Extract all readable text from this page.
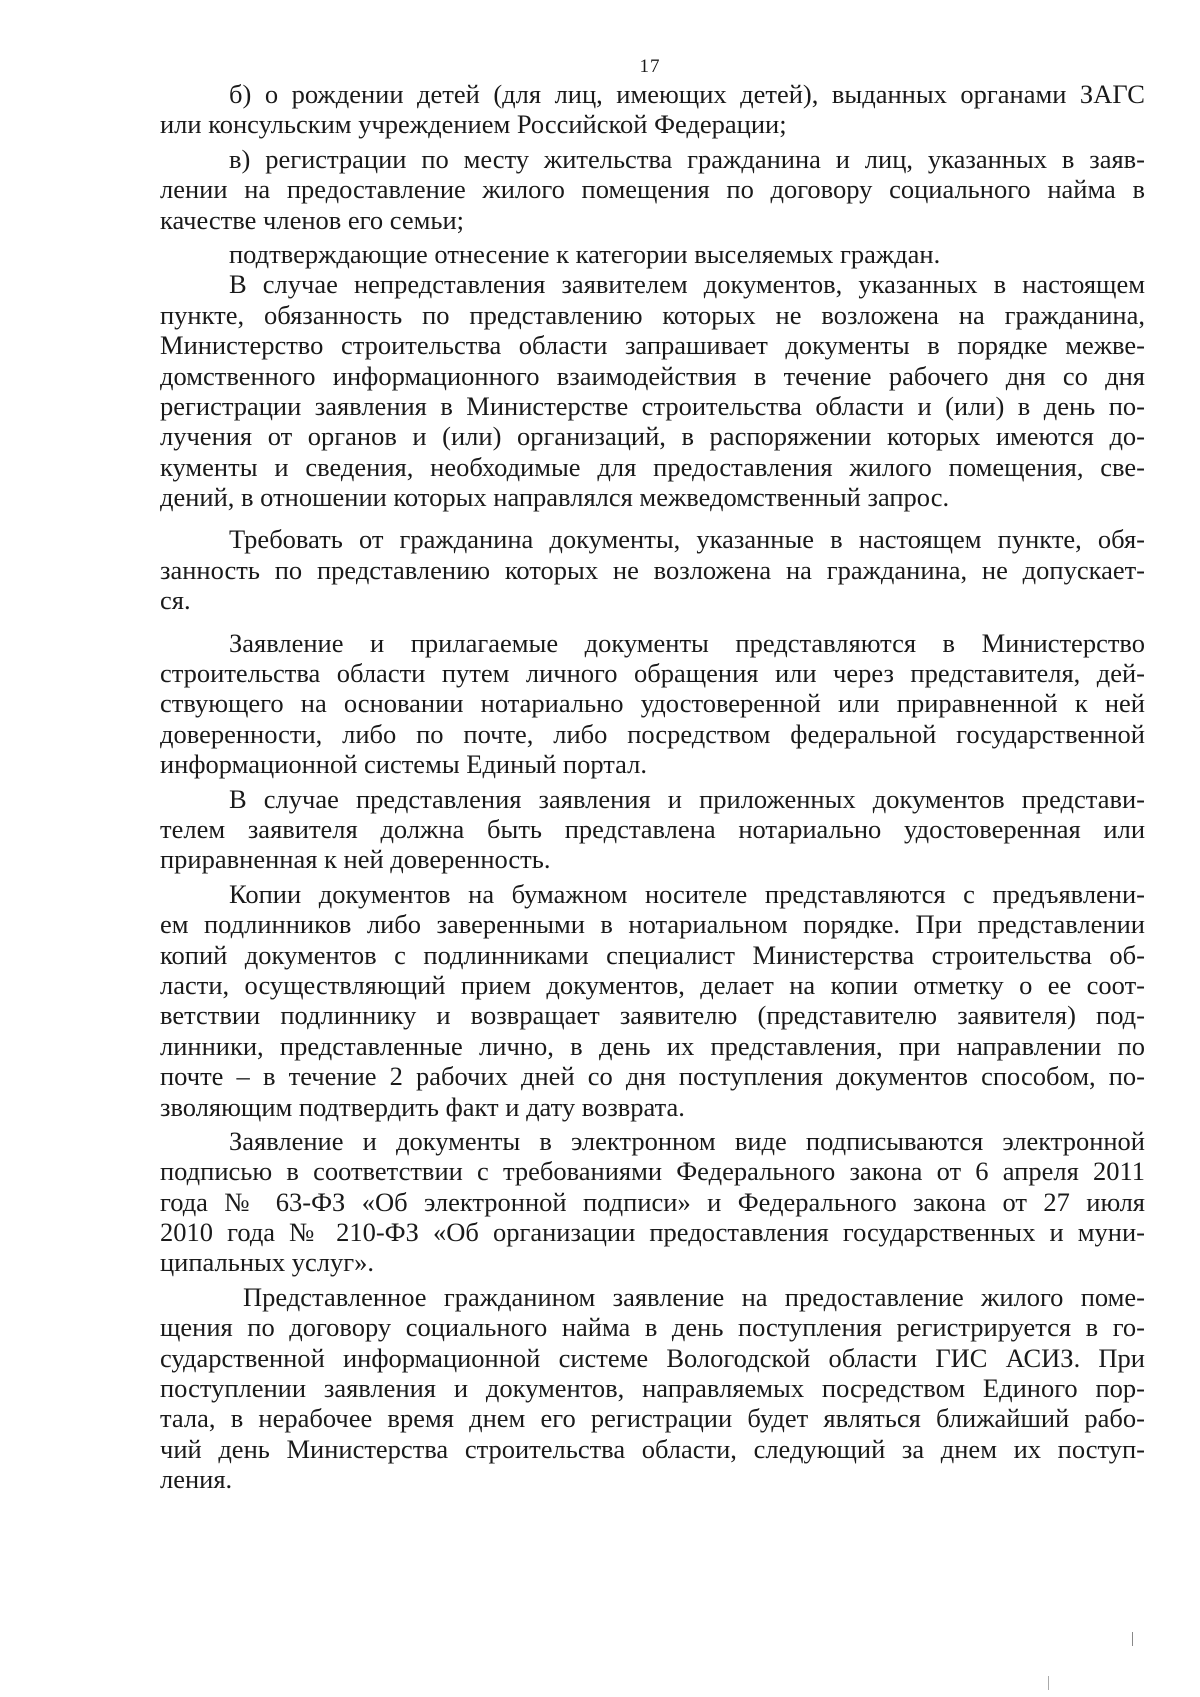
17
б) о рождении детей (для лиц, имеющих детей), выданных органами ЗАГС
или консульским учреждением Российской Федерации;
в) регистрации по месту жительства гражданина и лиц, указанных в заяв-
лении на предоставление жилого помещения по договору социального найма в
качестве членов его семьи;
подтверждающие отнесение к категории выселяемых граждан.
В случае непредставления заявителем документов, указанных в настоящем
пункте, обязанность по представлению которых не возложена на гражданина,
Министерство строительства области запрашивает документы в порядке межве-
домственного информационного взаимодействия в течение рабочего дня со дня
регистрации заявления в Министерстве строительства области и (или) в день по-
лучения от органов и (или) организаций, в распоряжении которых имеются до-
кументы и сведения, необходимые для предоставления жилого помещения, све-
дений, в отношении которых направлялся межведомственный запрос.
Требовать от гражданина документы, указанные в настоящем пункте, обя-
занность по представлению которых не возложена на гражданина, не допускает-
ся.
Заявление и прилагаемые документы представляются в Министерство
строительства области путем личного обращения или через представителя, дей-
ствующего на основании нотариально удостоверенной или приравненной к ней
доверенности, либо по почте, либо посредством федеральной государственной
информационной системы Единый портал.
В случае представления заявления и приложенных документов представи-
телем заявителя должна быть представлена нотариально удостоверенная или
приравненная к ней доверенность.
Копии документов на бумажном носителе представляются с предъявлени-
ем подлинников либо заверенными в нотариальном порядке. При представлении
копий документов с подлинниками специалист Министерства строительства об-
ласти, осуществляющий прием документов, делает на копии отметку о ее соот-
ветствии подлиннику и возвращает заявителю (представителю заявителя) под-
линники, представленные лично, в день их представления, при направлении по
почте – в течение 2 рабочих дней со дня поступления документов способом, по-
зволяющим подтвердить факт и дату возврата.
Заявление и документы в электронном виде подписываются электронной
подписью в соответствии с требованиями Федерального закона от 6 апреля 2011
года № 63-ФЗ «Об электронной подписи» и Федерального закона от 27 июля
2010 года № 210-ФЗ «Об организации предоставления государственных и муни-
ципальных услуг».
Представленное гражданином заявление на предоставление жилого поме-
щения по договору социального найма в день поступления регистрируется в го-
сударственной информационной системе Вологодской области ГИС АСИЗ. При
поступлении заявления и документов, направляемых посредством Единого пор-
тала, в нерабочее время днем его регистрации будет являться ближайший рабо-
чий день Министерства строительства области, следующий за днем их поступ-
ления.
